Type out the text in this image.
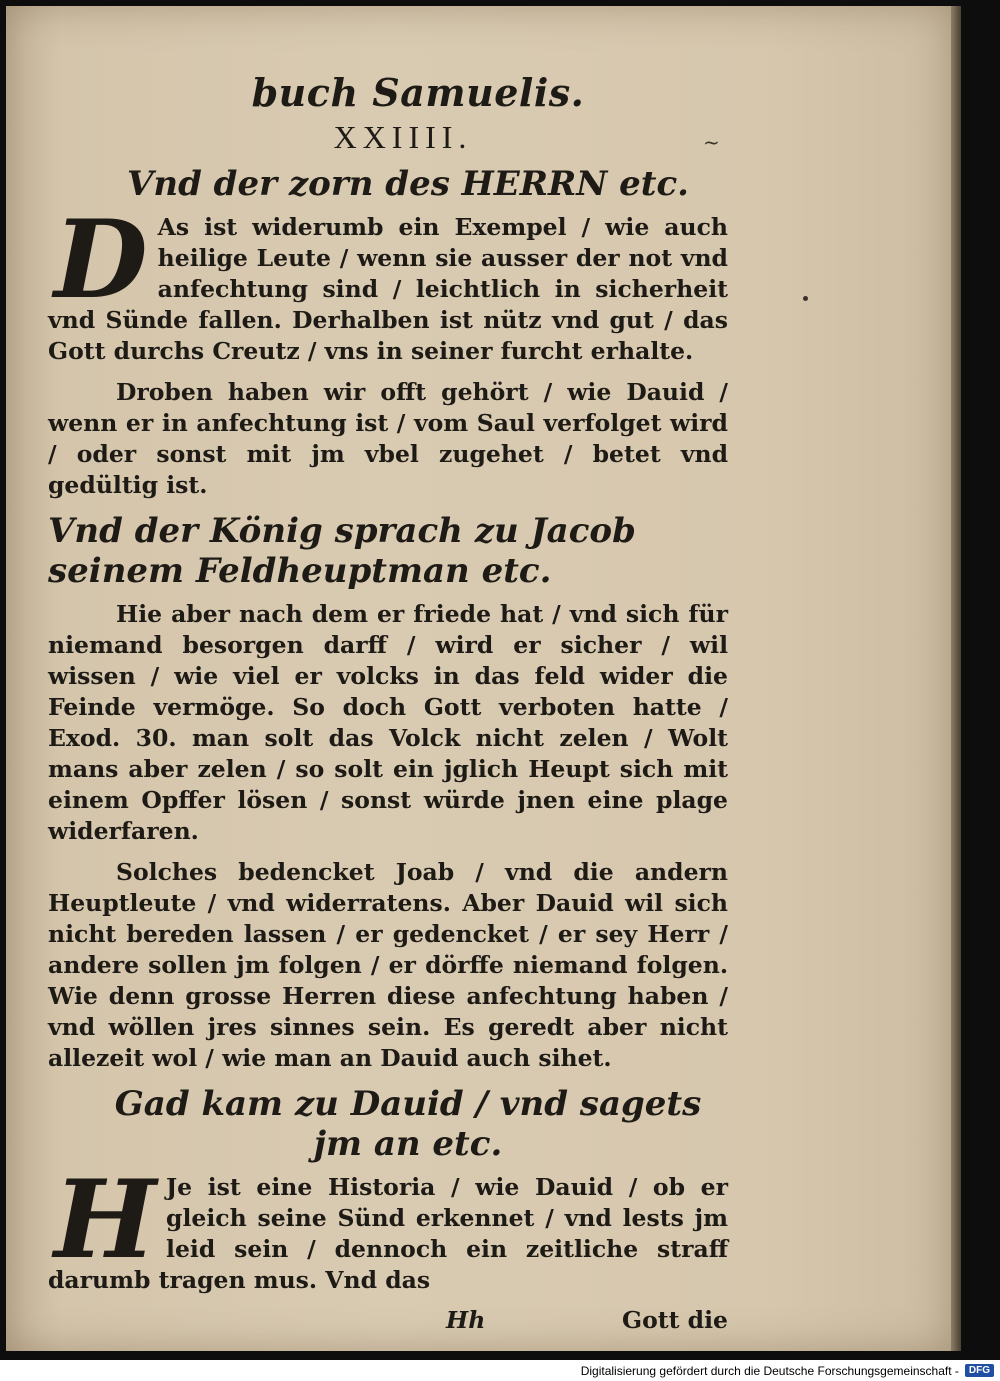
~
buch Samuelis.
XXIIII.
Vnd der zorn des HERRN etc.

D As ist widerumb ein Exempel / wie auch heilige Leute / wenn sie ausser der not vnd anfechtung sind / leichtlich in sicherheit vnd Sünde fallen. Derhalben ist nütz vnd gut / das Gott durchs Creutz / vns in seiner furcht erhalte.

Droben haben wir offt gehört / wie Dauid / wenn er in anfechtung ist / vom Saul verfolget wird / oder sonst mit jm vbel zugehet / betet vnd gedültig ist.

Vnd der König sprach zu Jacob seinem Feldheuptman etc.

Hie aber nach dem er friede hat / vnd sich für niemand besorgen darff / wird er sicher / wil wissen / wie viel er volcks in das feld wider die Feinde vermöge. So doch Gott verboten hatte / Exod. 30. man solt das Volck nicht zelen / Wolt mans aber zelen / so solt ein jglich Heupt sich mit einem Opffer lösen / sonst würde jnen eine plage widerfaren.

Solches bedencket Joab / vnd die andern Heuptleute / vnd widerratens. Aber Dauid wil sich nicht bereden lassen / er gedencket / er sey Herr / andere sollen jm folgen / er dörffe niemand folgen. Wie denn grosse Herren diese anfechtung haben / vnd wöllen jres sinnes sein. Es geredt aber nicht allezeit wol / wie man an Dauid auch sihet.

Gad kam zu Dauid / vnd sagets jm an etc.

H Je ist eine Historia / wie Dauid / ob er gleich seine Sünd erkennet / vnd lests jm leid sein / dennoch ein zeitliche straff darumb tragen mus. Vnd das

Hh	Gott die
Digitalisierung gefördert durch die Deutsche Forschungsgemeinschaft -	DFG
